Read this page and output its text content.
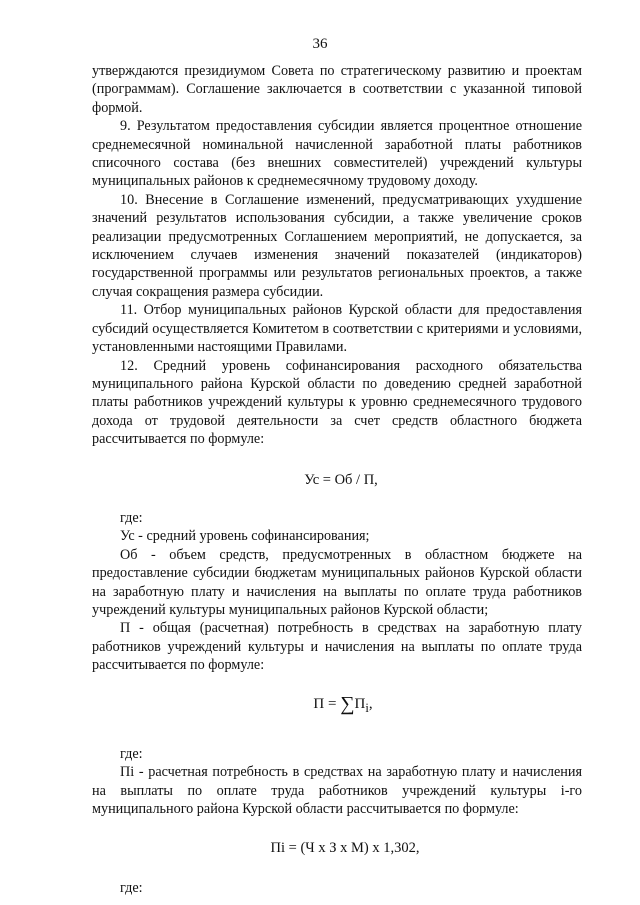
36

утверждаются президиумом Совета по стратегическому развитию и проектам (программам). Соглашение заключается в соответствии с указанной типовой формой.

9. Результатом предоставления субсидии является процентное отношение среднемесячной номинальной начисленной заработной платы работников списочного состава (без внешних совместителей) учреждений культуры муниципальных районов к среднемесячному трудовому доходу.

10. Внесение в Соглашение изменений, предусматривающих ухудшение значений результатов использования субсидии, а также увеличение сроков реализации предусмотренных Соглашением мероприятий, не допускается, за исключением случаев изменения значений показателей (индикаторов) государственной программы или результатов региональных проектов, а также случая сокращения размера субсидии.

11. Отбор муниципальных районов Курской области для предоставления субсидий осуществляется Комитетом в соответствии с критериями и условиями, установленными настоящими Правилами.

12. Средний уровень софинансирования расходного обязательства муниципального района Курской области по доведению средней заработной платы работников учреждений культуры к уровню среднемесячного трудового дохода от трудовой деятельности за счет средств областного бюджета рассчитывается по формуле:

Ус = Об / П,

где:

Ус - средний уровень софинансирования;

Об - объем средств, предусмотренных в областном бюджете на предоставление субсидии бюджетам муниципальных районов Курской области на заработную плату и начисления на выплаты по оплате труда работников учреждений культуры муниципальных районов Курской области;

П - общая (расчетная) потребность в средствах на заработную плату работников учреждений культуры и начисления на выплаты по оплате труда рассчитывается по формуле:

$П = \sum П_i$,

где:

Пі - расчетная потребность в средствах на заработную плату и начисления на выплаты по оплате труда работников учреждений культуры і-го муниципального района Курской области рассчитывается по формуле:

Пі = (Ч х З х М) х 1,302,

где:
